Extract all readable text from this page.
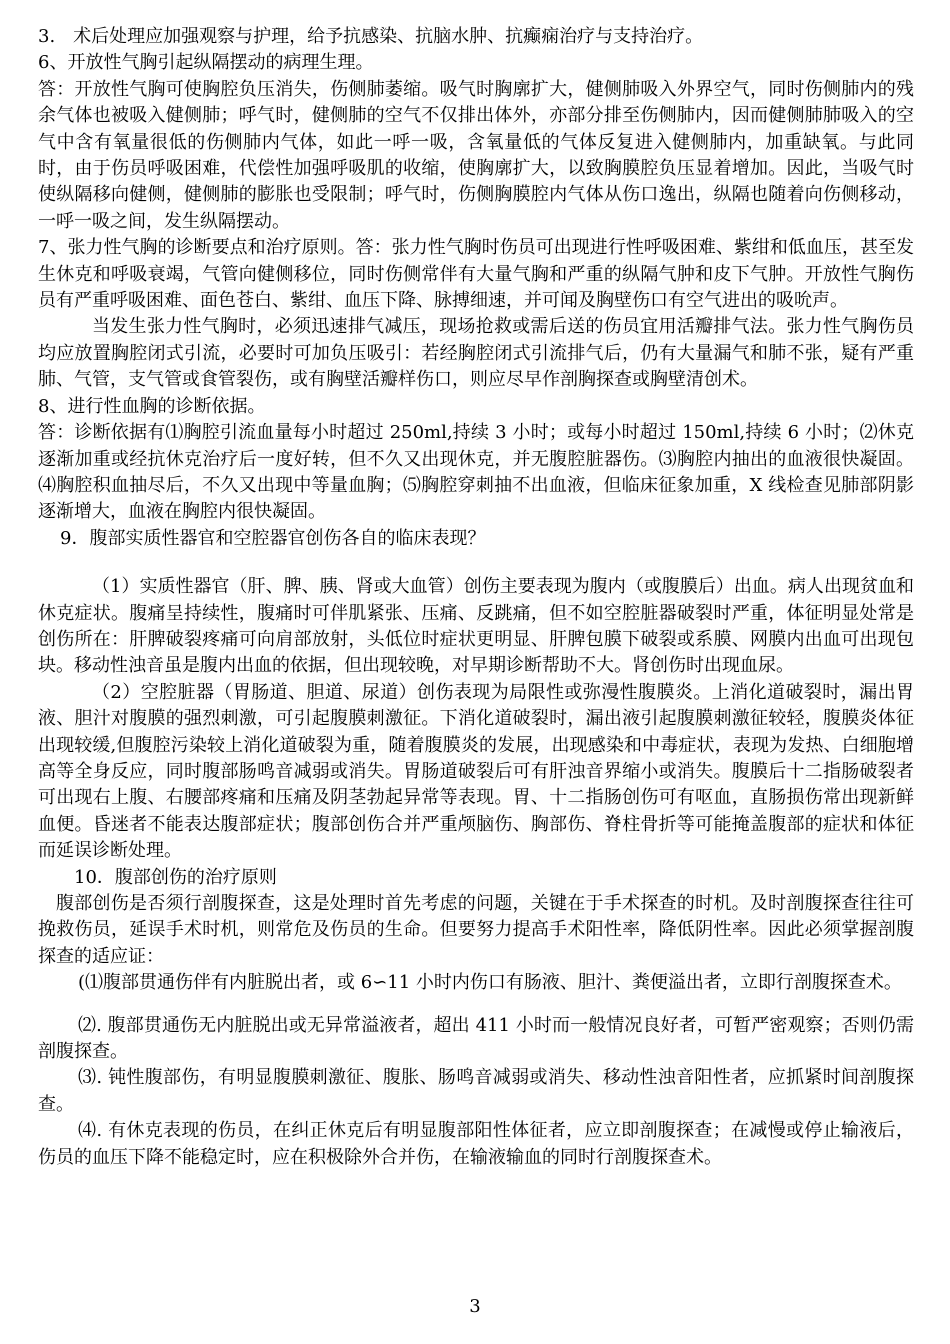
3.　术后处理应加强观察与护理，给予抗感染、抗脑水肿、抗癫痫治疗与支持治疗。

6、开放性气胸引起纵隔摆动的病理生理。

答：开放性气胸可使胸腔负压消失，伤侧肺萎缩。吸气时胸廓扩大，健侧肺吸入外界空气，同时伤侧肺内的残余气体也被吸入健侧肺；呼气时，健侧肺的空气不仅排出体外，亦部分排至伤侧肺内，因而健侧肺肺吸入的空气中含有氧量很低的伤侧肺内气体，如此一呼一吸，含氧量低的气体反复进入健侧肺内，加重缺氧。与此同时，由于伤员呼吸困难，代偿性加强呼吸肌的收缩，使胸廓扩大，以致胸膜腔负压显着增加。因此，当吸气时使纵隔移向健侧，健侧肺的膨胀也受限制；呼气时，伤侧胸膜腔内气体从伤口逸出，纵隔也随着向伤侧移动，一呼一吸之间，发生纵隔摆动。

7、张力性气胸的诊断要点和治疗原则。答：张力性气胸时伤员可出现进行性呼吸困难、紫绀和低血压，甚至发生休克和呼吸衰竭，气管向健侧移位，同时伤侧常伴有大量气胸和严重的纵隔气肿和皮下气肿。开放性气胸伤员有严重呼吸困难、面色苍白、紫绀、血压下降、脉搏细速，并可闻及胸壁伤口有空气进出的吸吮声。

当发生张力性气胸时，必须迅速排气减压，现场抢救或需后送的伤员宜用活瓣排气法。张力性气胸伤员均应放置胸腔闭式引流，必要时可加负压吸引：若经胸腔闭式引流排气后，仍有大量漏气和肺不张，疑有严重肺、气管，支气管或食管裂伤，或有胸壁活瓣样伤口，则应尽早作剖胸探查或胸壁清创术。

8、进行性血胸的诊断依据。

答：诊断依据有⑴胸腔引流血量每小时超过 250ml,持续 3 小时；或每小时超过 150ml,持续 6 小时；⑵休克逐渐加重或经抗休克治疗后一度好转，但不久又出现休克，并无腹腔脏器伤。⑶胸腔内抽出的血液很快凝固。⑷胸腔积血抽尽后，不久又出现中等量血胸；⑸胸腔穿刺抽不出血液，但临床征象加重，X 线检查见肺部阴影逐渐增大，血液在胸腔内很快凝固。

9．腹部实质性器官和空腔器官创伤各自的临床表现？

（1）实质性器官（肝、脾、胰、肾或大血管）创伤主要表现为腹内（或腹膜后）出血。病人出现贫血和休克症状。腹痛呈持续性，腹痛时可伴肌紧张、压痛、反跳痛，但不如空腔脏器破裂时严重，体征明显处常是创伤所在：肝脾破裂疼痛可向肩部放射，头低位时症状更明显、肝脾包膜下破裂或系膜、网膜内出血可出现包块。移动性浊音虽是腹内出血的依据，但出现较晚，对早期诊断帮助不大。肾创伤时出现血尿。

（2）空腔脏器（胃肠道、胆道、尿道）创伤表现为局限性或弥漫性腹膜炎。上消化道破裂时，漏出胃液、胆汁对腹膜的强烈刺激，可引起腹膜刺激征。下消化道破裂时，漏出液引起腹膜刺激征较轻，腹膜炎体征出现较缓,但腹腔污染较上消化道破裂为重，随着腹膜炎的发展，出现感染和中毒症状，表现为发热、白细胞增高等全身反应，同时腹部肠鸣音减弱或消失。胃肠道破裂后可有肝浊音界缩小或消失。腹膜后十二指肠破裂者可出现右上腹、右腰部疼痛和压痛及阴茎勃起异常等表现。胃、十二指肠创伤可有呕血，直肠损伤常出现新鲜血便。昏迷者不能表达腹部症状；腹部创伤合并严重颅脑伤、胸部伤、脊柱骨折等可能掩盖腹部的症状和体征而延误诊断处理。

10．腹部创伤的治疗原则

腹部创伤是否须行剖腹探查，这是处理时首先考虑的问题，关键在于手术探查的时机。及时剖腹探查往往可挽救伤员，延误手术时机，则常危及伤员的生命。但要努力提高手术阳性率，降低阴性率。因此必须掌握剖腹探查的适应证：

(⑴腹部贯通伤伴有内脏脱出者，或 6∽11 小时内伤口有肠液、胆汁、粪便溢出者，立即行剖腹探查术。

⑵. 腹部贯通伤无内脏脱出或无异常溢液者，超出 411 小时而一般情况良好者，可暂严密观察；否则仍需剖腹探查。

⑶. 钝性腹部伤，有明显腹膜刺激征、腹胀、肠鸣音减弱或消失、移动性浊音阳性者，应抓紧时间剖腹探查。

⑷. 有休克表现的伤员，在纠正休克后有明显腹部阳性体征者，应立即剖腹探查；在减慢或停止输液后，伤员的血压下降不能稳定时，应在积极除外合并伤，在输液输血的同时行剖腹探查术。

3
